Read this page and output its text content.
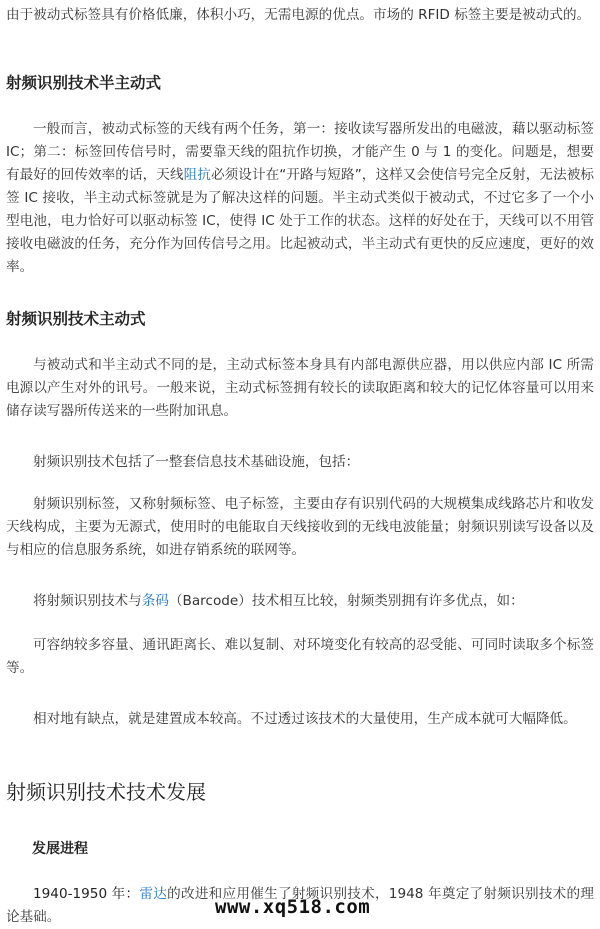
由于被动式标签具有价格低廉，体积小巧，无需电源的优点。市场的 RFID 标签主要是被动式的。

射频识别技术半主动式

一般而言，被动式标签的天线有两个任务，第一：接收读写器所发出的电磁波，藉以驱动标签 IC；第二：标签回传信号时，需要靠天线的阻抗作切换，才能产生 0 与 1 的变化。问题是，想要有最好的回传效率的话，天线阻抗必须设计在“开路与短路”，这样又会使信号完全反射，无法被标签 IC 接收，半主动式标签就是为了解决这样的问题。半主动式类似于被动式，不过它多了一个小型电池，电力恰好可以驱动标签 IC，使得 IC 处于工作的状态。这样的好处在于，天线可以不用管接收电磁波的任务，充分作为回传信号之用。比起被动式，半主动式有更快的反应速度，更好的效率。

射频识别技术主动式

与被动式和半主动式不同的是，主动式标签本身具有内部电源供应器，用以供应内部 IC 所需电源以产生对外的讯号。一般来说，主动式标签拥有较长的读取距离和较大的记忆体容量可以用来储存读写器所传送来的一些附加讯息。

射频识别技术包括了一整套信息技术基础设施，包括：

射频识别标签，又称射频标签、电子标签，主要由存有识别代码的大规模集成线路芯片和收发天线构成，主要为无源式，使用时的电能取自天线接收到的无线电波能量；射频识别读写设备以及 与相应的信息服务系统，如进存销系统的联网等。

将射频识别技术与条码（Barcode）技术相互比较，射频类别拥有许多优点，如：

可容纳较多容量、通讯距离长、难以复制、对环境变化有较高的忍受能、可同时读取多个标签等。

相对地有缺点，就是建置成本较高。不过透过该技术的大量使用，生产成本就可大幅降低。

射频识别技术技术发展
发展进程

1940-1950 年：雷达的改进和应用催生了射频识别技术，1948 年奠定了射频识别技术的理论基础。	www.xq518.com
